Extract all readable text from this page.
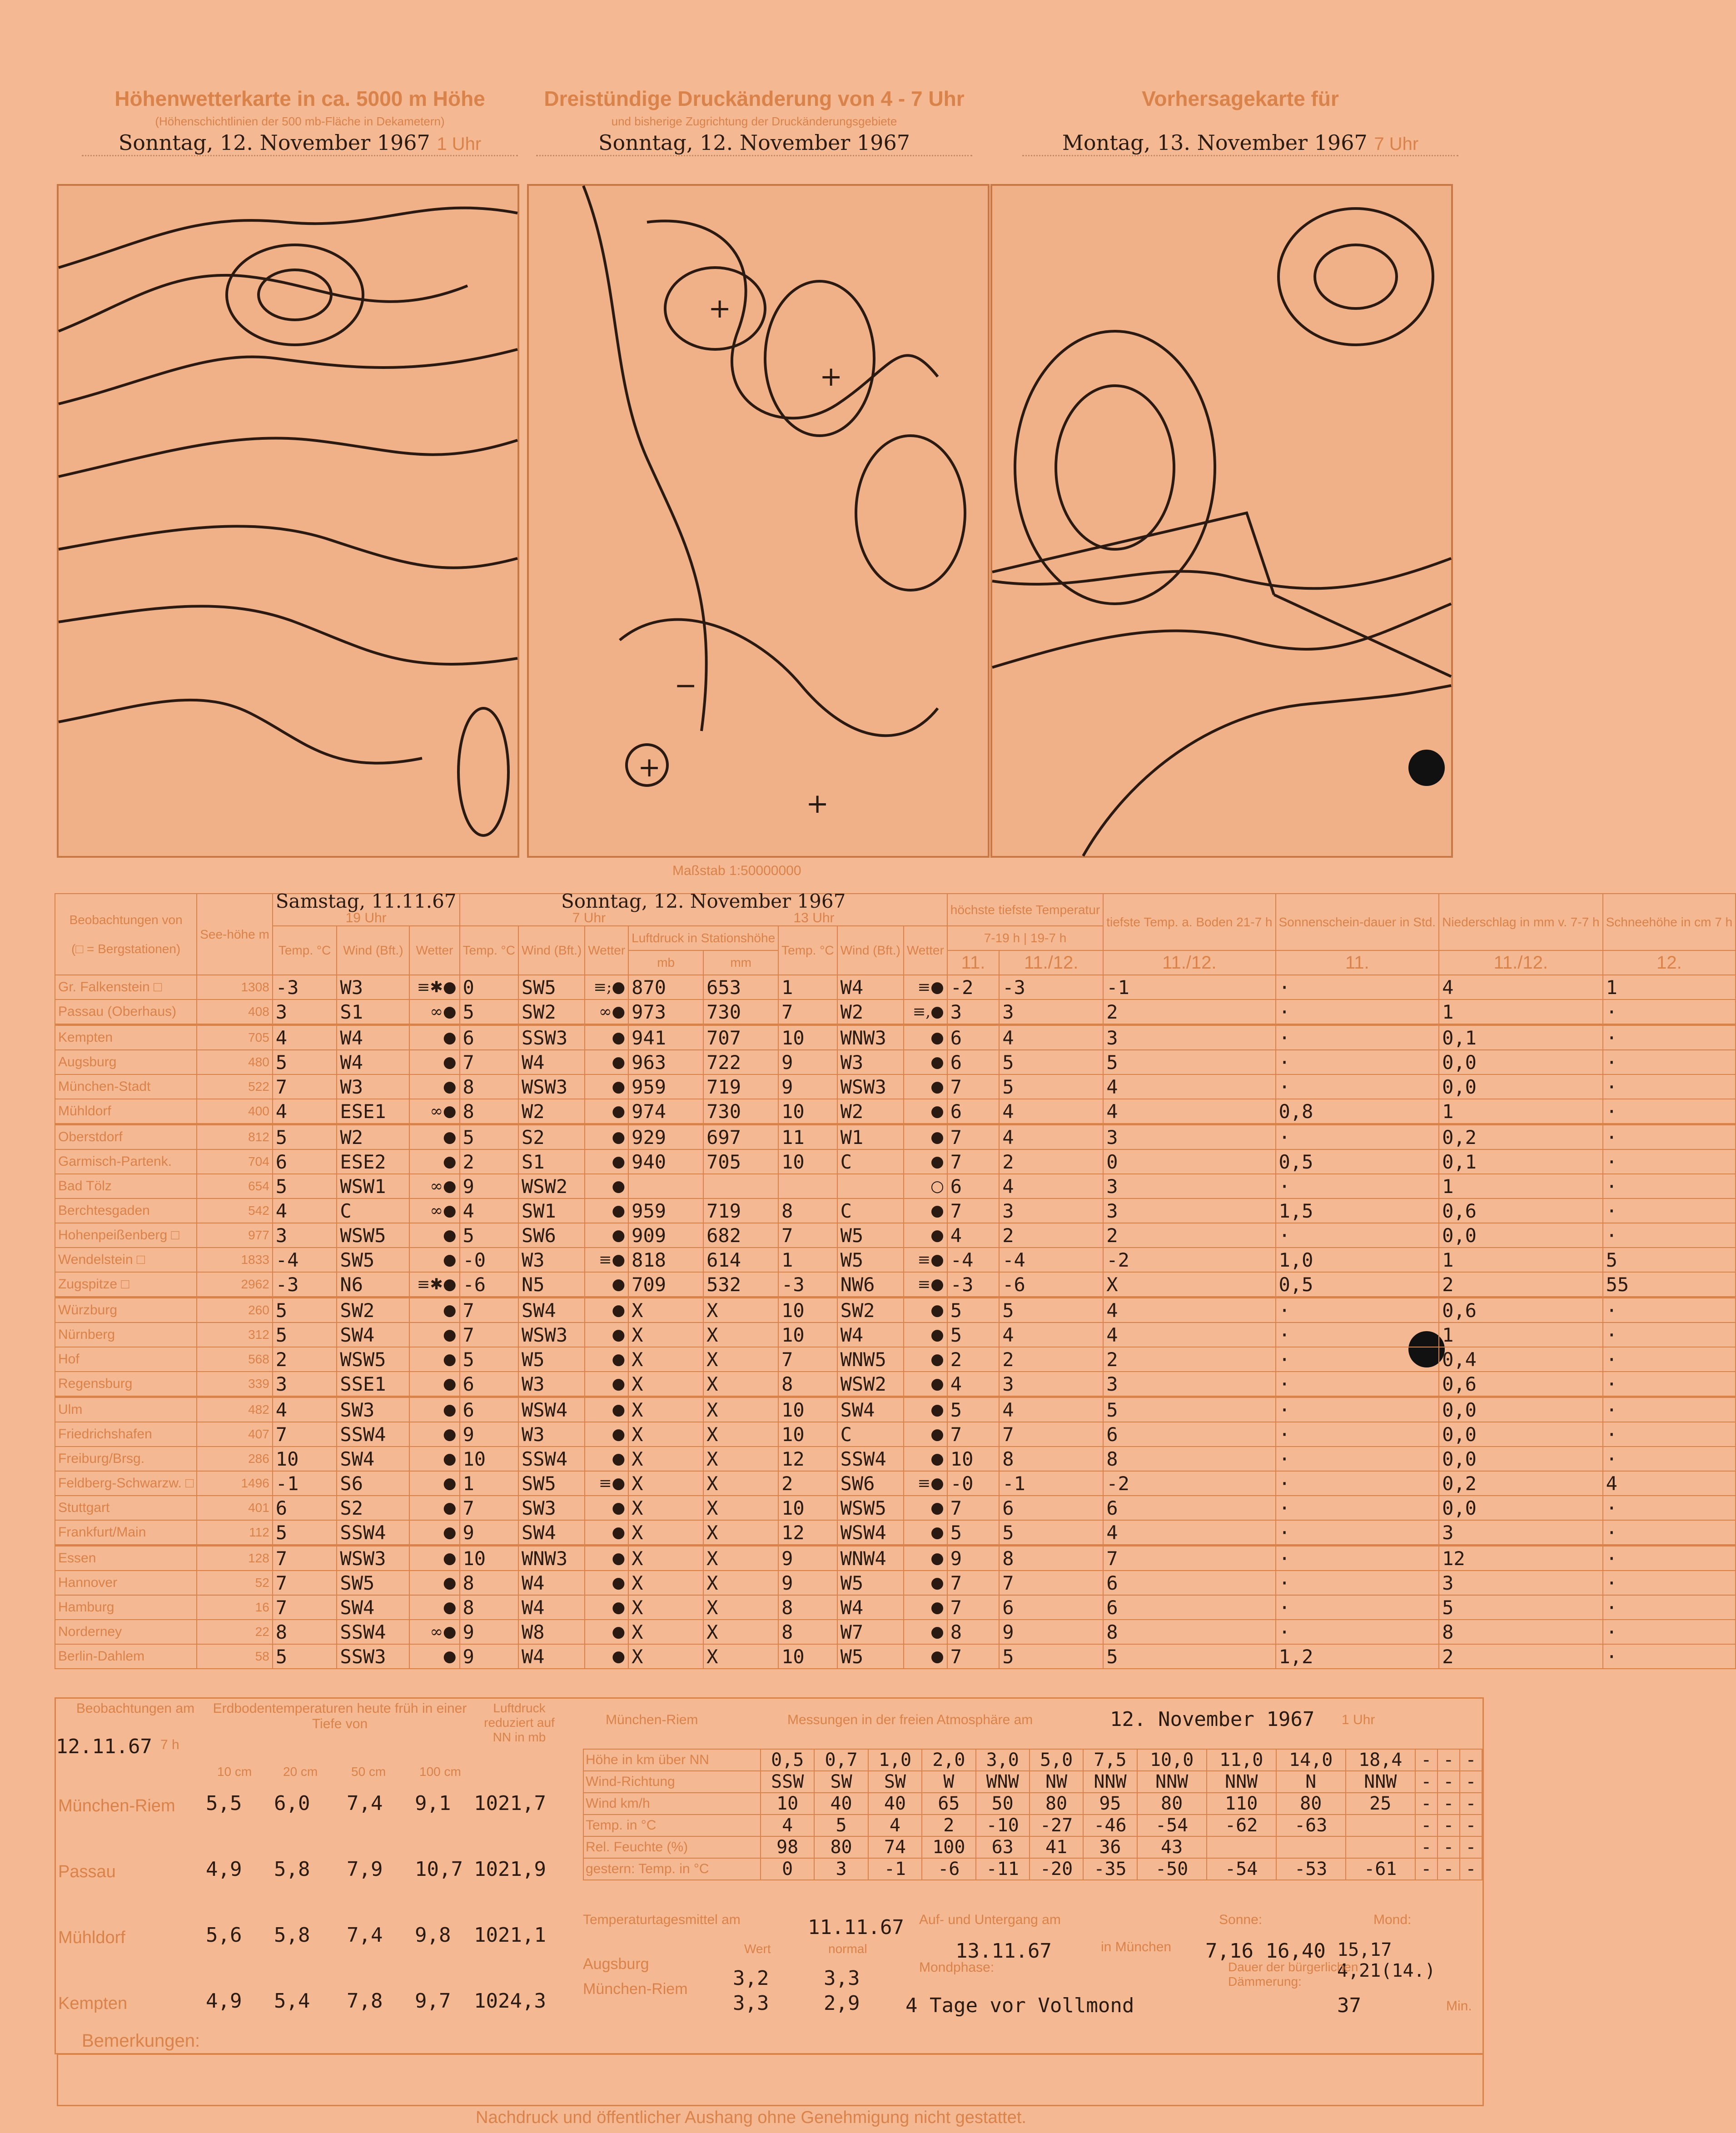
Höhenwetterkarte in ca. 5000 m Höhe
(Höhenschichtlinien der 500 mb-Fläche in Dekametern)
Sonntag, 12. November 1967 1 Uhr
Dreistündige Druckänderung von 4 - 7 Uhr
und bisherige Zugrichtung der Druckänderungsgebiete
Sonntag, 12. November 1967
Vorhersagekarte für

Montag, 13. November 1967 7 Uhr
+
+
+
−
+
Maßstab 1:50000000
Beobachtungen von

(□ = Bergstationen)	See-höhe m	Samstag, 11.11.67
19 Uhr			Sonntag, 12. November 1967
7 Uhr 13 Uhr								höchste tiefste Temperatur		tiefste Temp. a. Boden 21-7 h	Sonnenschein-dauer in Std.	Niederschlag in mm v. 7-7 h	Schneehöhe in cm 7 h
		Temp. °C	Wind (Bft.)	Wetter	Temp. °C	Wind (Bft.)	Wetter	Luftdruck in Stationshöhe		Temp. °C	Wind (Bft.)	Wetter	7-19 h | 19-7 h					
								mb	mm				11.	11./12.	11./12.	11.	11./12.	12.
Gr. Falkenstein □	1308	-3	W3	≡✱●	0	SW5	≡;●	870	653	1	W4	≡●	-2	-3	-1	·	4	1
Passau (Oberhaus)	408	3	S1	∞●	5	SW2	∞●	973	730	7	W2	≡,●	3	3	2	·	1	·
Kempten	705	4	W4	●	6	SSW3	●	941	707	10	WNW3	●	6	4	3	·	0,1	·
Augsburg	480	5	W4	●	7	W4	●	963	722	9	W3	●	6	5	5	·	0,0	·
München-Stadt	522	7	W3	●	8	WSW3	●	959	719	9	WSW3	●	7	5	4	·	0,0	·
Mühldorf	400	4	ESE1	∞●	8	W2	●	974	730	10	W2	●	6	4	4	0,8	1	·
Oberstdorf	812	5	W2	●	5	S2	●	929	697	11	W1	●	7	4	3	·	0,2	·
Garmisch-Partenk.	704	6	ESE2	●	2	S1	●	940	705	10	C	●	7	2	0	0,5	0,1	·
Bad Tölz	654	5	WSW1	∞●	9	WSW2	●					○	6	4	3	·	1	·
Berchtesgaden	542	4	C	∞●	4	SW1	●	959	719	8	C	●	7	3	3	1,5	0,6	·
Hohenpeißenberg □	977	3	WSW5	●	5	SW6	●	909	682	7	W5	●	4	2	2	·	0,0	·
Wendelstein □	1833	-4	SW5	●	-0	W3	≡●	818	614	1	W5	≡●	-4	-4	-2	1,0	1	5
Zugspitze □	2962	-3	N6	≡✱●	-6	N5	●	709	532	-3	NW6	≡●	-3	-6	X	0,5	2	55
Würzburg	260	5	SW2	●	7	SW4	●	X	X	10	SW2	●	5	5	4	·	0,6	·
Nürnberg	312	5	SW4	●	7	WSW3	●	X	X	10	W4	●	5	4	4	·	1	·
Hof	568	2	WSW5	●	5	W5	●	X	X	7	WNW5	●	2	2	2	·	0,4	·
Regensburg	339	3	SSE1	●	6	W3	●	X	X	8	WSW2	●	4	3	3	·	0,6	·
Ulm	482	4	SW3	●	6	WSW4	●	X	X	10	SW4	●	5	4	5	·	0,0	·
Friedrichshafen	407	7	SSW4	●	9	W3	●	X	X	10	C	●	7	7	6	·	0,0	·
Freiburg/Brsg.	286	10	SW4	●	10	SSW4	●	X	X	12	SSW4	●	10	8	8	·	0,0	·
Feldberg-Schwarzw. □	1496	-1	S6	●	1	SW5	≡●	X	X	2	SW6	≡●	-0	-1	-2	·	0,2	4
Stuttgart	401	6	S2	●	7	SW3	●	X	X	10	WSW5	●	7	6	6	·	0,0	·
Frankfurt/Main	112	5	SSW4	●	9	SW4	●	X	X	12	WSW4	●	5	5	4	·	3	·
Essen	128	7	WSW3	●	10	WNW3	●	X	X	9	WNW4	●	9	8	7	·	12	·
Hannover	52	7	SW5	●	8	W4	●	X	X	9	W5	●	7	7	6	·	3	·
Hamburg	16	7	SW4	●	8	W4	●	X	X	8	W4	●	7	6	6	·	5	·
Norderney	22	8	SSW4	∞●	9	W8	●	X	X	8	W7	●	8	9	8	·	8	·
Berlin-Dahlem	58	5	SSW3	●	9	W4	●	X	X	10	W5	●	7	5	5	1,2	2	·
Beobachtungen am
12.11.67 7 h
Erdbodentemperaturen heute früh in einer Tiefe von
10 cm 20 cm	50 cm	100 cm
Luftdruck reduziert auf NN in mb
München-Riem 5,5 6,0 7,4 9,1 1021,7
Passau	4,9 5,8 7,9 10,7 1021,9
Mühldorf	5,6 5,8 7,4 9,8 1021,1
Kempten	4,9 5,4 7,8 9,7 1024,3
München-Riem	Messungen in der freien Atmosphäre am	12. November 1967 1 Uhr
Höhe in km über NN	0,5	0,7	1,0	2,0	3,0	5,0	7,5	10,0	11,0	14,0	18,4	-	-	-
Wind-Richtung	SSW	SW	SW	W	WNW	NW	NNW	NNW	NNW	N	NNW	-	-	-
Wind km/h	10	40	40	65	50	80	95	80	110	80	25	-	-	-
Temp. in °C	4	5	4	2	-10	-27	-46	-54	-62	-63		-	-	-
Rel. Feuchte (%)	98	80	74	100	63	41	36	43				-	-	-
gestern: Temp. in °C	0	3	-1	-6	-11	-20	-35	-50	-54	-53	-61	-	-	-
Temperaturtagesmittel am	11.11.67
Wert	normal
Augsburg
3,2	3,3
München-Riem
3,3	2,9
Auf- und Untergang am
13.11.67	in München
Sonne:
7,16 16,40
Mond:
15,17 4,21(14.)
Mondphase:
4 Tage vor Vollmond
Dauer der bürgerlichen Dämmerung:
37	Min.
Bemerkungen:
Nachdruck und öffentlicher Aushang ohne Genehmigung nicht gestattet.
